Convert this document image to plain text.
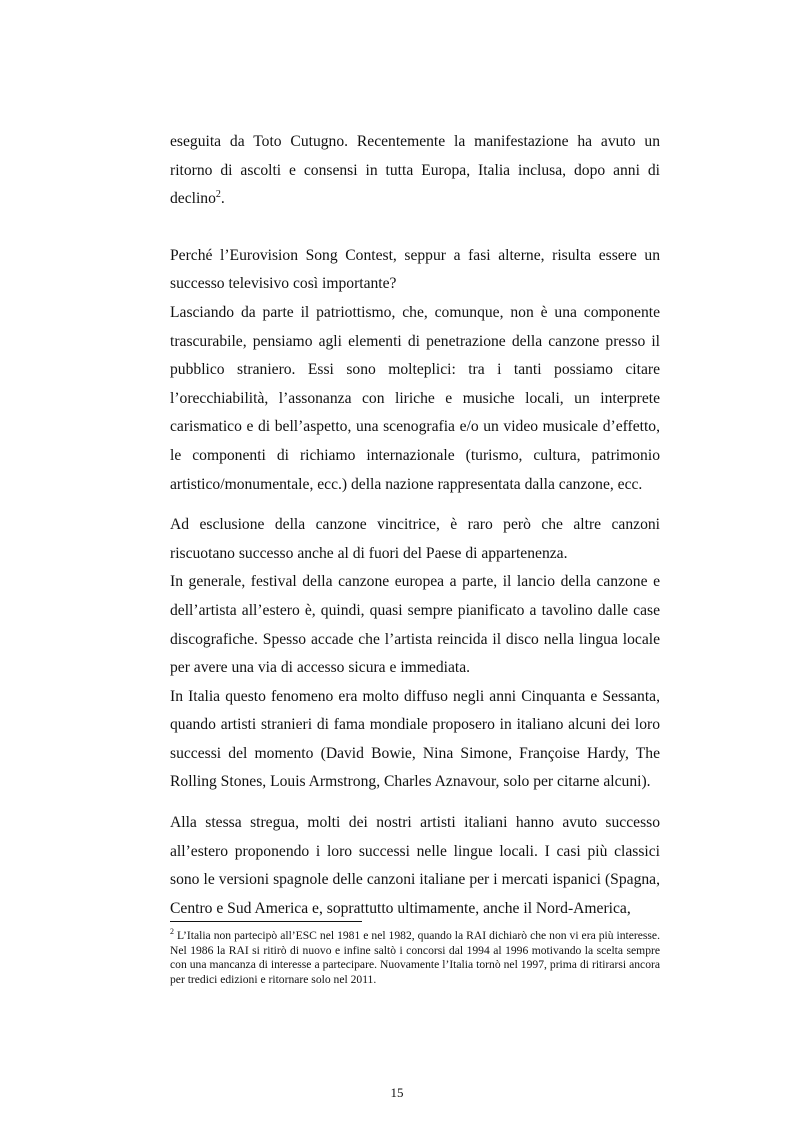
eseguita da Toto Cutugno. Recentemente la manifestazione ha avuto un ritorno di ascolti e consensi in tutta Europa, Italia inclusa, dopo anni di declino$^2$.

Perché l’Eurovision Song Contest, seppur a fasi alterne, risulta essere un successo televisivo così importante?

Lasciando da parte il patriottismo, che, comunque, non è una componente trascurabile, pensiamo agli elementi di penetrazione della canzone presso il pubblico straniero. Essi sono molteplici: tra i tanti possiamo citare l’orecchiabilità, l’assonanza con liriche e musiche locali, un interprete carismatico e di bell’aspetto, una scenografia e/o un video musicale d’effetto, le componenti di richiamo internazionale (turismo, cultura, patrimonio artistico/monumentale, ecc.) della nazione rappresentata dalla canzone, ecc.

Ad esclusione della canzone vincitrice, è raro però che altre canzoni riscuotano successo anche al di fuori del Paese di appartenenza.

In generale, festival della canzone europea a parte, il lancio della canzone e dell’artista all’estero è, quindi, quasi sempre pianificato a tavolino dalle case discografiche. Spesso accade che l’artista reincida il disco nella lingua locale per avere una via di accesso sicura e immediata.

In Italia questo fenomeno era molto diffuso negli anni Cinquanta e Sessanta, quando artisti stranieri di fama mondiale proposero in italiano alcuni dei loro successi del momento (David Bowie, Nina Simone, Françoise Hardy, The Rolling Stones, Louis Armstrong, Charles Aznavour, solo per citarne alcuni).

Alla stessa stregua, molti dei nostri artisti italiani hanno avuto successo all’estero proponendo i loro successi nelle lingue locali. I casi più classici sono le versioni spagnole delle canzoni italiane per i mercati ispanici (Spagna, Centro e Sud America e, soprattutto ultimamente, anche il Nord-America,

$^2$ L’Italia non partecipò all’ESC nel 1981 e nel 1982, quando la RAI dichiarò che non vi era più interesse. Nel 1986 la RAI si ritirò di nuovo e infine saltò i concorsi dal 1994 al 1996 motivando la scelta sempre con una mancanza di interesse a partecipare. Nuovamente l’Italia tornò nel 1997, prima di ritirarsi ancora per tredici edizioni e ritornare solo nel 2011.
15
